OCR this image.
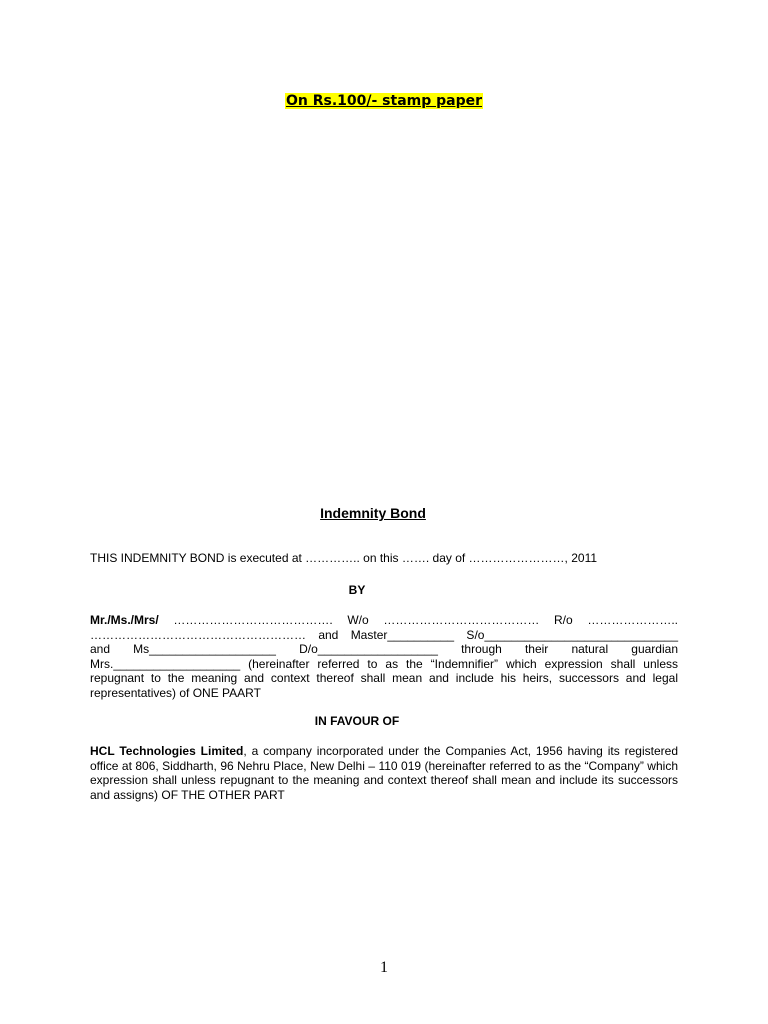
On Rs.100/- stamp paper
Indemnity Bond
THIS INDEMNITY BOND is executed at ………….. on this ……. day of ……………………, 2011
BY
Mr./Ms./Mrs/ …………………………………. W/o ………………………………… R/o …………………..
……………………………………………… and Master__________ S/o_____________________________
and Ms___________________ D/o__________________ through their natural guardian
Mrs.___________________ (hereinafter referred to as the “Indemnifier” which expression shall unless
repugnant to the meaning and context thereof shall mean and include his heirs, successors and legal
representatives) of ONE PAART
IN FAVOUR OF
HCL Technologies Limited, a company incorporated under the Companies Act, 1956 having its registered office at 806, Siddharth, 96 Nehru Place, New Delhi – 110 019 (hereinafter referred to as the “Company” which expression shall unless repugnant to the meaning and context thereof shall mean and include its successors and assigns) OF THE OTHER PART
1
